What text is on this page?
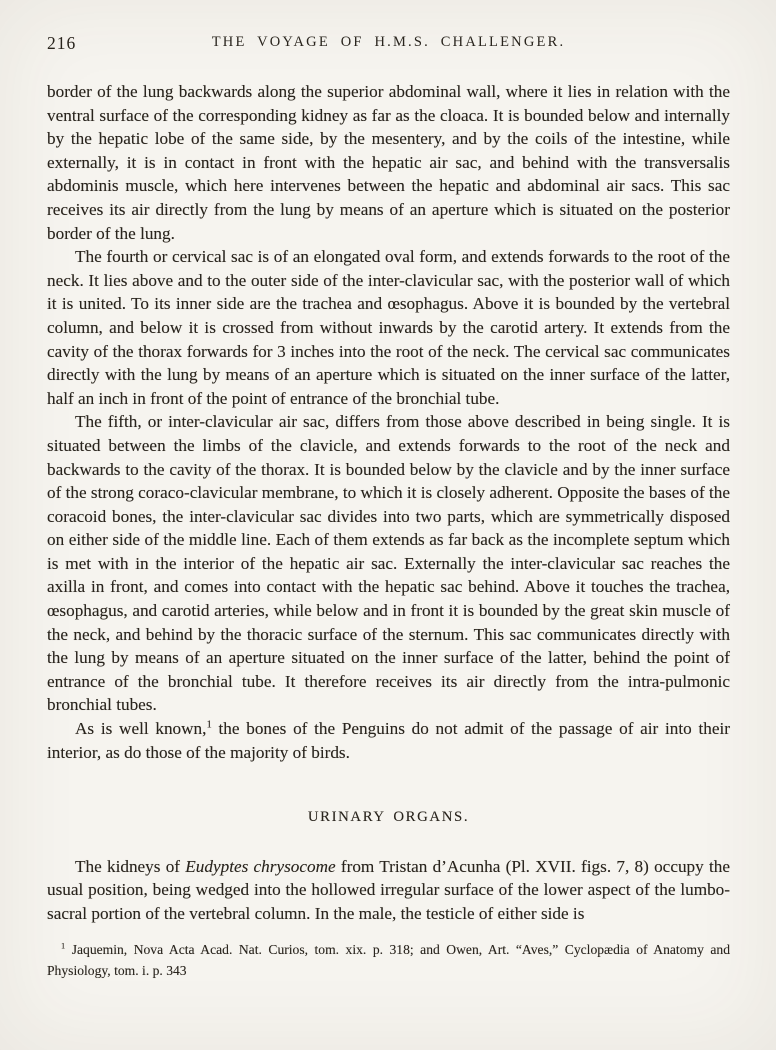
216	THE VOYAGE OF H.M.S. CHALLENGER.

border of the lung backwards along the superior abdominal wall, where it lies in relation with the ventral surface of the corresponding kidney as far as the cloaca. It is bounded below and internally by the hepatic lobe of the same side, by the mesentery, and by the coils of the intestine, while externally, it is in contact in front with the hepatic air sac, and behind with the transversalis abdominis muscle, which here intervenes between the hepatic and abdominal air sacs. This sac receives its air directly from the lung by means of an aperture which is situated on the posterior border of the lung.

The fourth or cervical sac is of an elongated oval form, and extends forwards to the root of the neck. It lies above and to the outer side of the inter-clavicular sac, with the posterior wall of which it is united. To its inner side are the trachea and œsophagus. Above it is bounded by the vertebral column, and below it is crossed from without inwards by the carotid artery. It extends from the cavity of the thorax forwards for 3 inches into the root of the neck. The cervical sac communicates directly with the lung by means of an aperture which is situated on the inner surface of the latter, half an inch in front of the point of entrance of the bronchial tube.

The fifth, or inter-clavicular air sac, differs from those above described in being single. It is situated between the limbs of the clavicle, and extends forwards to the root of the neck and backwards to the cavity of the thorax. It is bounded below by the clavicle and by the inner surface of the strong coraco-clavicular membrane, to which it is closely adherent. Opposite the bases of the coracoid bones, the inter-clavicular sac divides into two parts, which are symmetrically disposed on either side of the middle line. Each of them extends as far back as the incomplete septum which is met with in the interior of the hepatic air sac. Externally the inter-clavicular sac reaches the axilla in front, and comes into contact with the hepatic sac behind. Above it touches the trachea, œsophagus, and carotid arteries, while below and in front it is bounded by the great skin muscle of the neck, and behind by the thoracic surface of the sternum. This sac communicates directly with the lung by means of an aperture situated on the inner surface of the latter, behind the point of entrance of the bronchial tube. It therefore receives its air directly from the intra-pulmonic bronchial tubes.

As is well known,$^1$ the bones of the Penguins do not admit of the passage of air into their interior, as do those of the majority of birds.

URINARY ORGANS.

The kidneys of Eudyptes chrysocome from Tristan d’Acunha (Pl. XVII. figs. 7, 8) occupy the usual position, being wedged into the hollowed irregular surface of the lower aspect of the lumbo-sacral portion of the vertebral column. In the male, the testicle of either side is

$^1$ Jaquemin, Nova Acta Acad. Nat. Curios, tom. xix. p. 318; and Owen, Art. “Aves,” Cyclopædia of Anatomy and Physiology, tom. i. p. 343
